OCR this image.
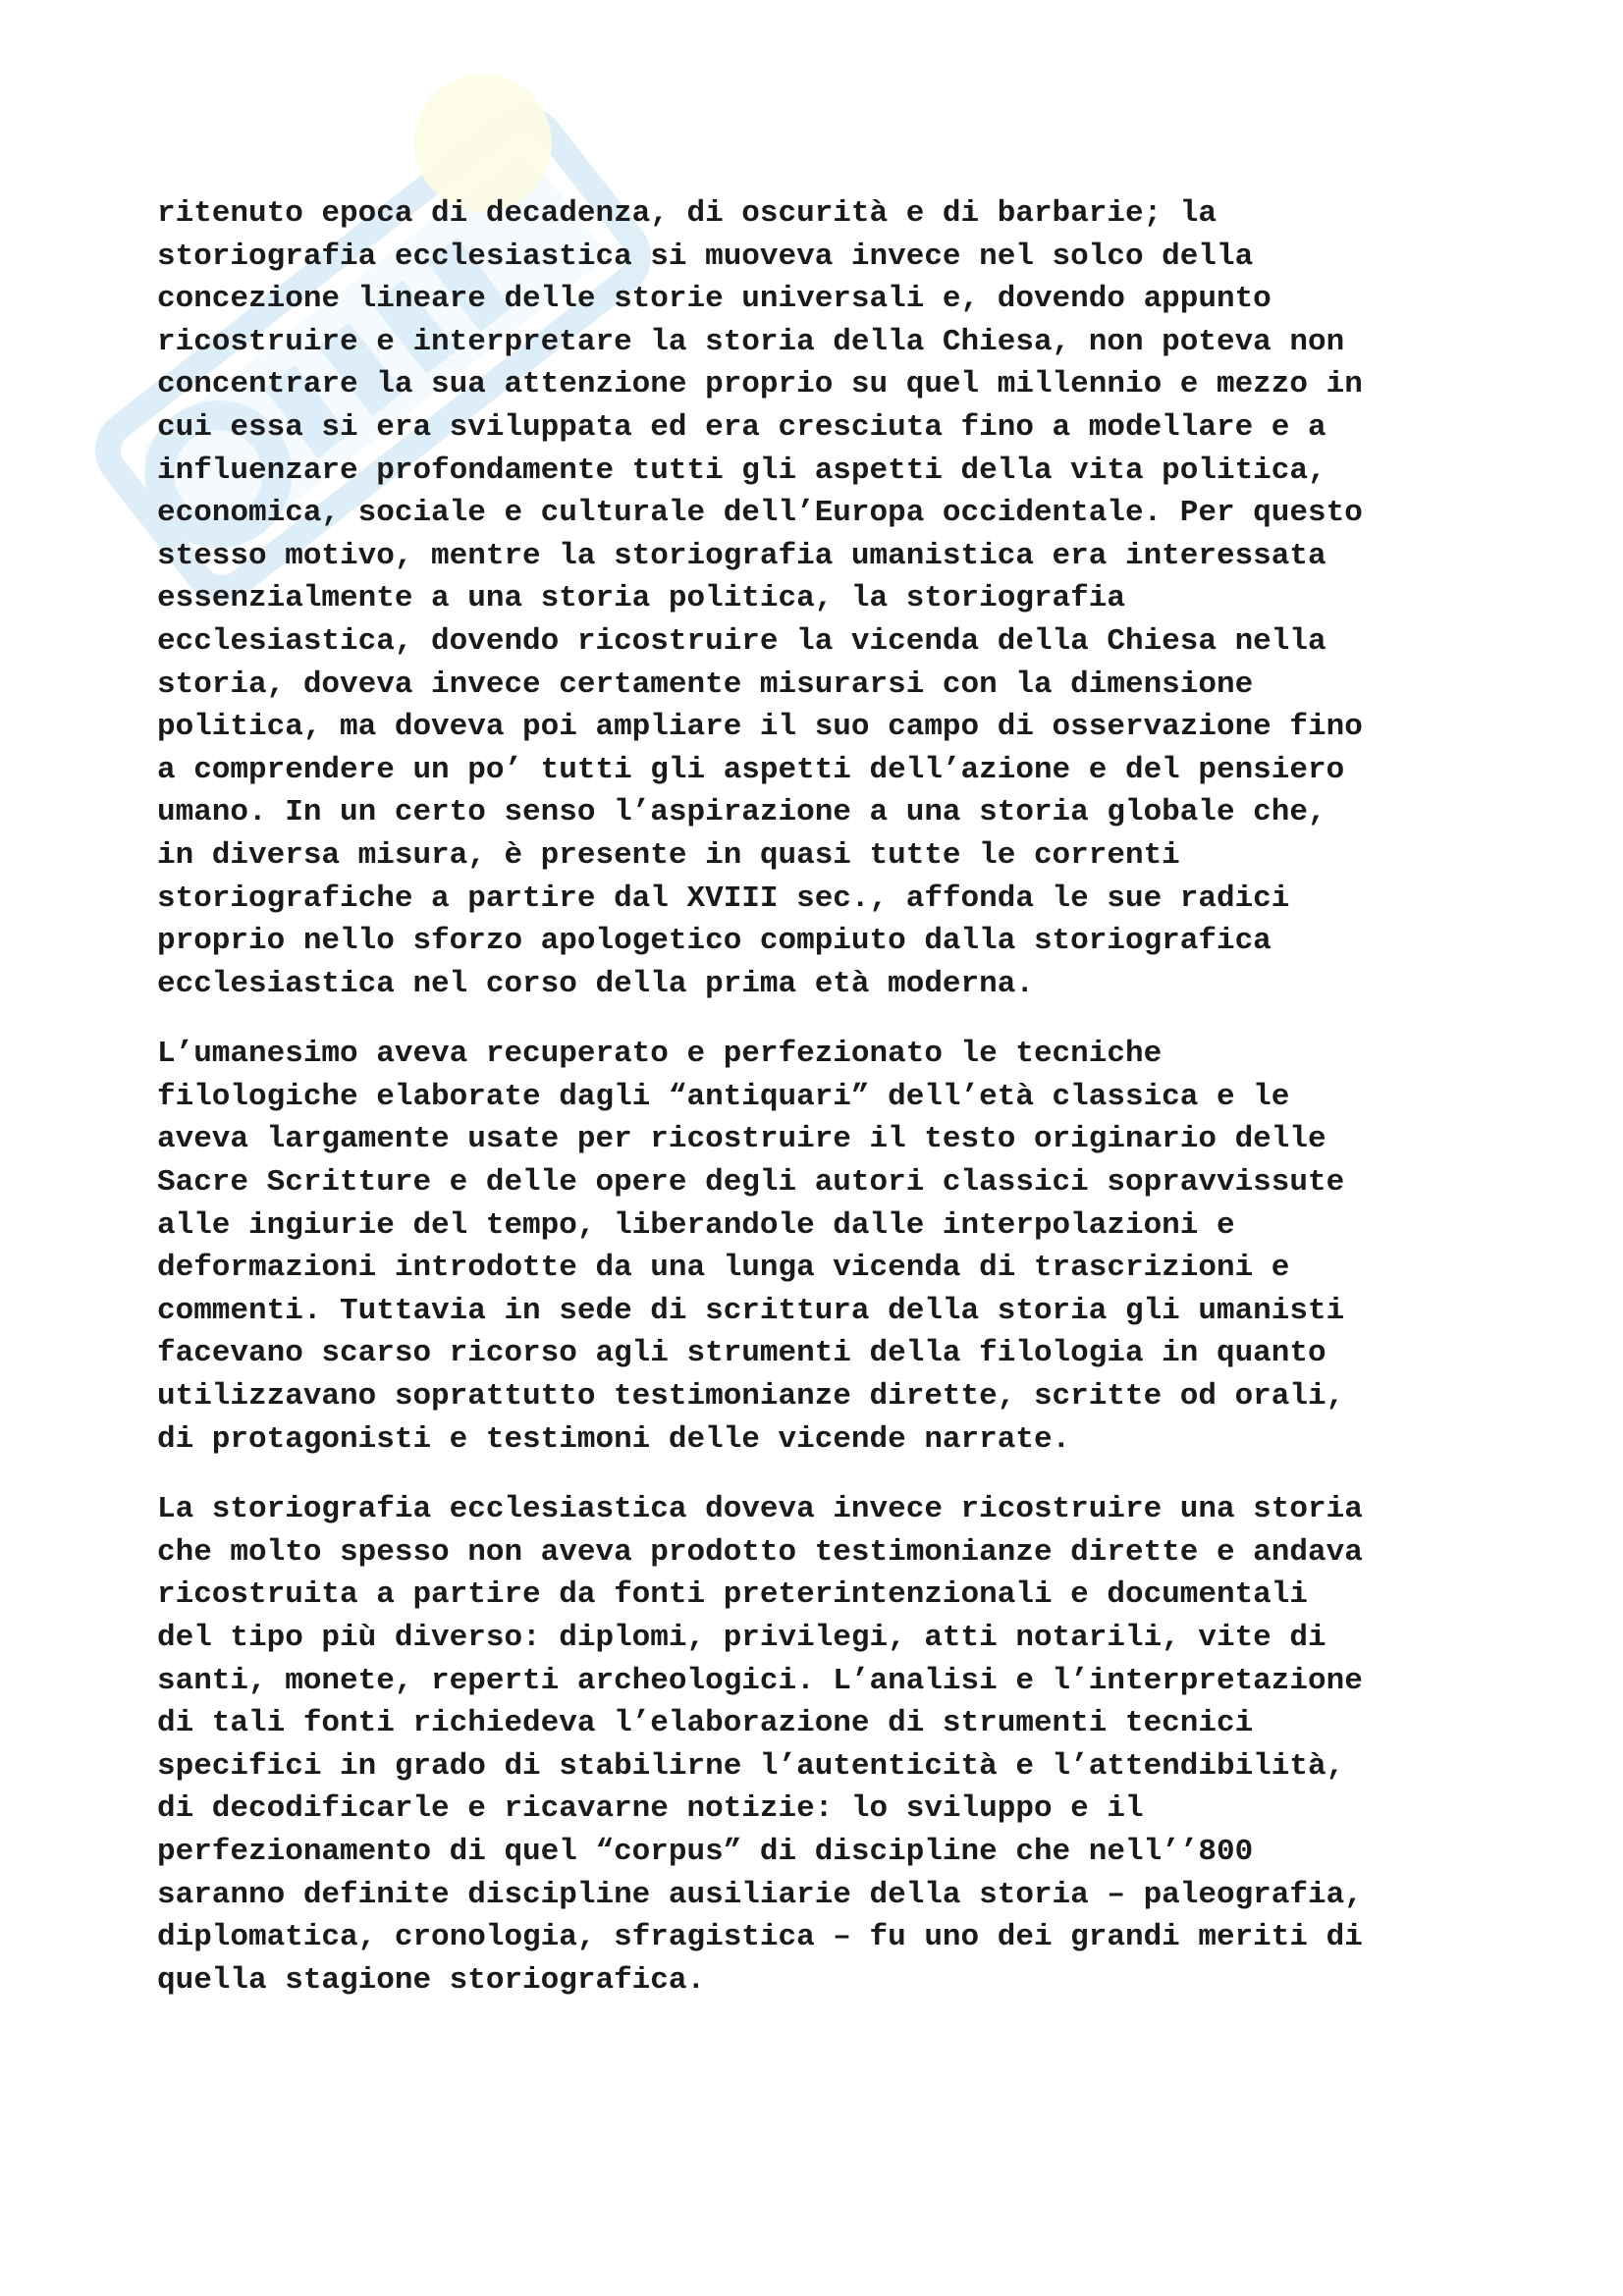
ritenuto epoca di decadenza, di oscurità e di barbarie; la
storiografia ecclesiastica si muoveva invece nel solco della
concezione lineare delle storie universali e, dovendo appunto
ricostruire e interpretare la storia della Chiesa, non poteva non
concentrare la sua attenzione proprio su quel millennio e mezzo in
cui essa si era sviluppata ed era cresciuta fino a modellare e a
influenzare profondamente tutti gli aspetti della vita politica,
economica, sociale e culturale dell’Europa occidentale. Per questo
stesso motivo, mentre la storiografia umanistica era interessata
essenzialmente a una storia politica, la storiografia
ecclesiastica, dovendo ricostruire la vicenda della Chiesa nella
storia, doveva invece certamente misurarsi con la dimensione
politica, ma doveva poi ampliare il suo campo di osservazione fino
a comprendere un po’ tutti gli aspetti dell’azione e del pensiero
umano. In un certo senso l’aspirazione a una storia globale che,
in diversa misura, è presente in quasi tutte le correnti
storiografiche a partire dal XVIII sec., affonda le sue radici
proprio nello sforzo apologetico compiuto dalla storiografica
ecclesiastica nel corso della prima età moderna.

L’umanesimo aveva recuperato e perfezionato le tecniche
filologiche elaborate dagli “antiquari” dell’età classica e le
aveva largamente usate per ricostruire il testo originario delle
Sacre Scritture e delle opere degli autori classici sopravvissute
alle ingiurie del tempo, liberandole dalle interpolazioni e
deformazioni introdotte da una lunga vicenda di trascrizioni e
commenti. Tuttavia in sede di scrittura della storia gli umanisti
facevano scarso ricorso agli strumenti della filologia in quanto
utilizzavano soprattutto testimonianze dirette, scritte od orali,
di protagonisti e testimoni delle vicende narrate.

La storiografia ecclesiastica doveva invece ricostruire una storia
che molto spesso non aveva prodotto testimonianze dirette e andava
ricostruita a partire da fonti preterintenzionali e documentali
del tipo più diverso: diplomi, privilegi, atti notarili, vite di
santi, monete, reperti archeologici. L’analisi e l’interpretazione
di tali fonti richiedeva l’elaborazione di strumenti tecnici
specifici in grado di stabilirne l’autenticità e l’attendibilità,
di decodificarle e ricavarne notizie: lo sviluppo e il
perfezionamento di quel “corpus” di discipline che nell’’800
saranno definite discipline ausiliarie della storia – paleografia,
diplomatica, cronologia, sfragistica – fu uno dei grandi meriti di
quella stagione storiografica.
